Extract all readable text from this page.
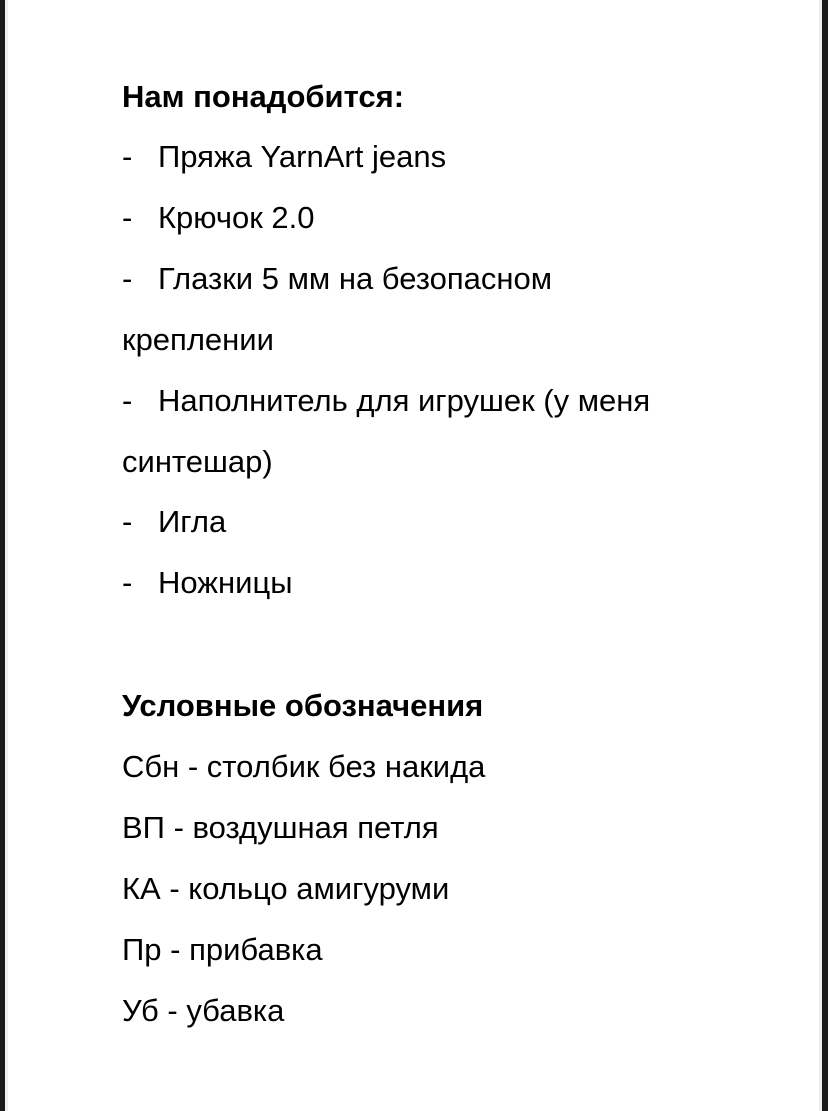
Нам понадобится:
- Пряжа YarnArt jeans
- Крючок 2.0
- Глазки 5 мм на безопасном
креплении
- Наполнитель для игрушек (у меня
синтешар)
- Игла
- Ножницы
Условные обозначения
Сбн - столбик без накида
ВП - воздушная петля
КА - кольцо амигуруми
Пр - прибавка
Уб - убавка
